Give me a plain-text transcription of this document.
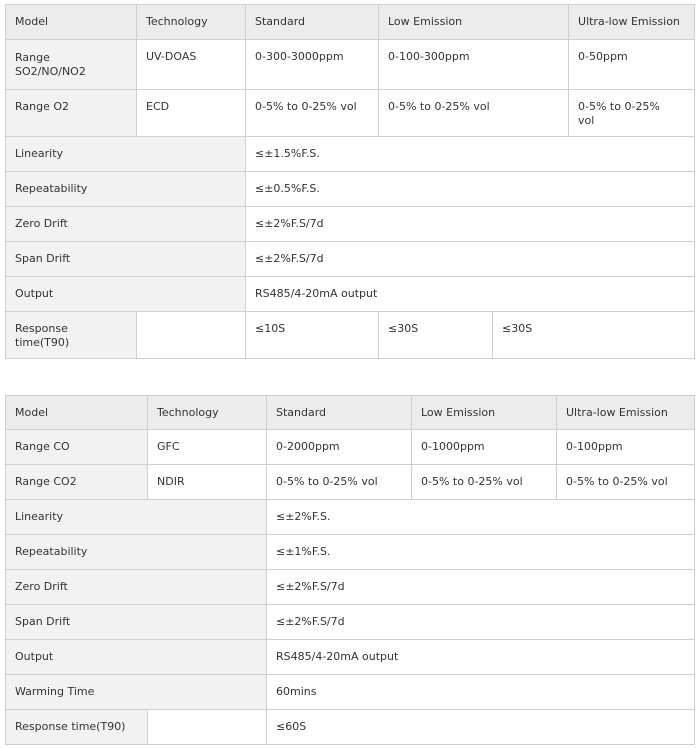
Model	Technology	Standard	Low Emission		Ultra-low Emission
Range
SO2/NO/NO2	UV-DOAS	0-300-3000ppm	0-100-300ppm		0-50ppm
Range O2	ECD	0-5% to 0-25% vol	0-5% to 0-25% vol		0-5% to 0-25%
vol
Linearity		≤±1.5%F.S.			
Repeatability		≤±0.5%F.S.			
Zero Drift		≤±2%F.S/7d			
Span Drift		≤±2%F.S/7d			
Output		RS485/4-20mA output			
Response
time(T90)		≤10S	≤30S	≤30S	
Model	Technology	Standard	Low Emission	Ultra-low Emission
Range CO	GFC	0-2000ppm	0-1000ppm	0-100ppm
Range CO2	NDIR	0-5% to 0-25% vol	0-5% to 0-25% vol	0-5% to 0-25% vol
Linearity		≤±2%F.S.		
Repeatability		≤±1%F.S.		
Zero Drift		≤±2%F.S/7d		
Span Drift		≤±2%F.S/7d		
Output		RS485/4-20mA output		
Warming Time		60mins		
Response time(T90)		≤60S		
